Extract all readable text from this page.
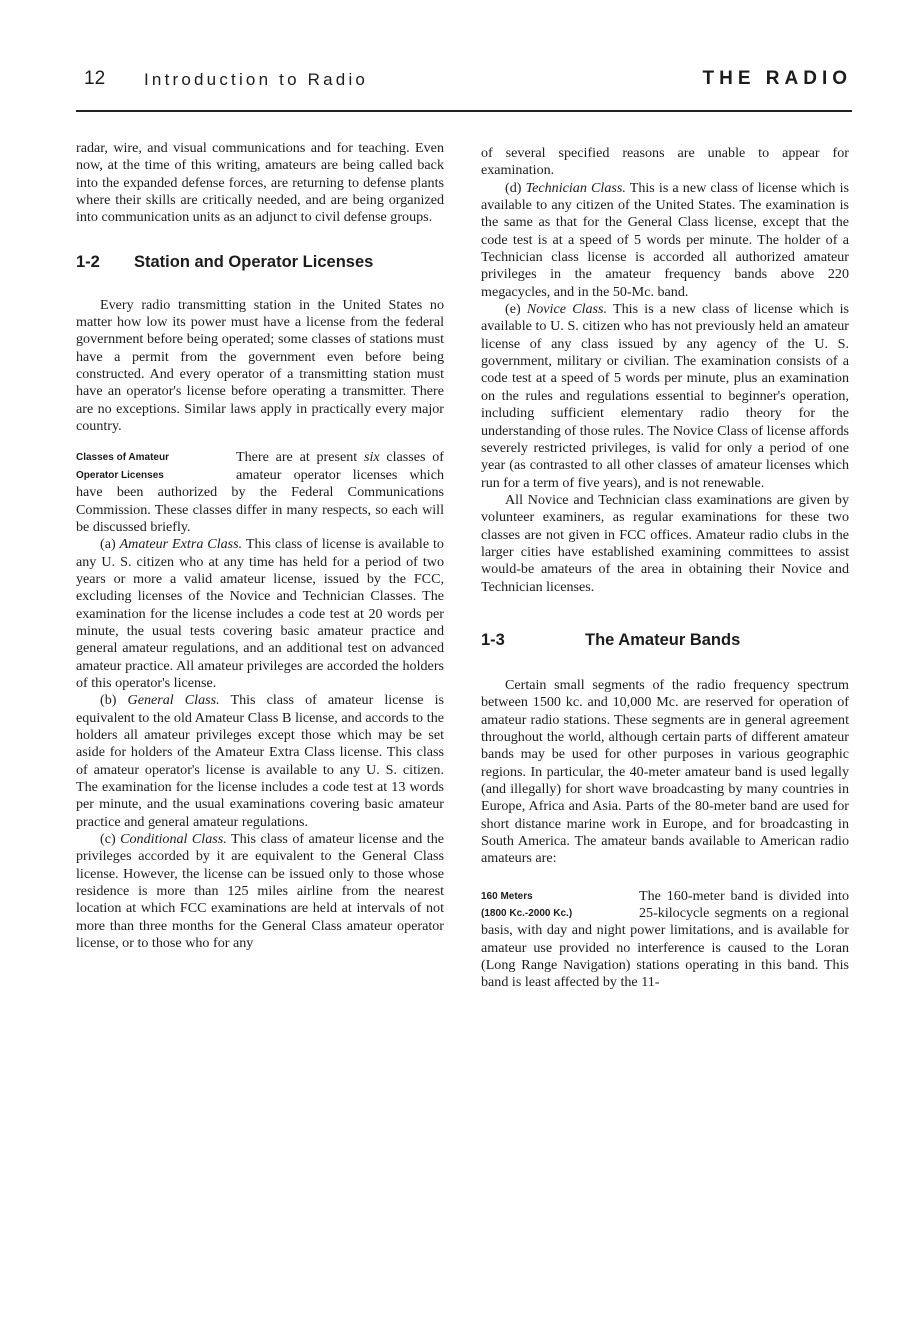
12 Introduction to Radio	THE RADIO

radar, wire, and visual communications and for teaching. Even now, at the time of this writing, amateurs are being called back into the expanded defense forces, are returning to defense plants where their skills are critically needed, and are being organized into communication units as an adjunct to civil defense groups.

1-2 Station and Operator Licenses

Every radio transmitting station in the United States no matter how low its power must have a license from the federal government before being operated; some classes of stations must have a permit from the government even before being constructed. And every operator of a transmitting station must have an operator's license before operating a transmitter. There are no exceptions. Similar laws apply in practically every major country.

Classes of Amateur
Operator Licenses
There are at present six classes of amateur operator licenses which have been authorized by the Federal Communications Commission. These classes differ in many respects, so each will be discussed briefly.

(a) Amateur Extra Class. This class of license is available to any U. S. citizen who at any time has held for a period of two years or more a valid amateur license, issued by the FCC, excluding licenses of the Novice and Technician Classes. The examination for the license includes a code test at 20 words per minute, the usual tests covering basic amateur practice and general amateur regulations, and an additional test on advanced amateur practice. All amateur privileges are accorded the holders of this operator's license.

(b) General Class. This class of amateur license is equivalent to the old Amateur Class B license, and accords to the holders all amateur privileges except those which may be set aside for holders of the Amateur Extra Class license. This class of amateur operator's license is available to any U. S. citizen. The examination for the license includes a code test at 13 words per minute, and the usual examinations covering basic amateur practice and general amateur regulations.

(c) Conditional Class. This class of amateur license and the privileges accorded by it are equivalent to the General Class license. However, the license can be issued only to those whose residence is more than 125 miles airline from the nearest location at which FCC examinations are held at intervals of not more than three months for the General Class amateur operator license, or to those who for any

of several specified reasons are unable to appear for examination.

(d) Technician Class. This is a new class of license which is available to any citizen of the United States. The examination is the same as that for the General Class license, except that the code test is at a speed of 5 words per minute. The holder of a Technician class license is accorded all authorized amateur privileges in the amateur frequency bands above 220 megacycles, and in the 50-Mc. band.

(e) Novice Class. This is a new class of license which is available to U. S. citizen who has not previously held an amateur license of any class issued by any agency of the U. S. government, military or civilian. The examination consists of a code test at a speed of 5 words per minute, plus an examination on the rules and regulations essential to beginner's operation, including sufficient elementary radio theory for the understanding of those rules. The Novice Class of license affords severely restricted privileges, is valid for only a period of one year (as contrasted to all other classes of amateur licenses which run for a term of five years), and is not renewable.

All Novice and Technician class examinations are given by volunteer examiners, as regular examinations for these two classes are not given in FCC offices. Amateur radio clubs in the larger cities have established examining committees to assist would-be amateurs of the area in obtaining their Novice and Technician licenses.

1-3	The Amateur Bands

Certain small segments of the radio frequency spectrum between 1500 kc. and 10,000 Mc. are reserved for operation of amateur radio stations. These segments are in general agreement throughout the world, although certain parts of different amateur bands may be used for other purposes in various geographic regions. In particular, the 40-meter amateur band is used legally (and illegally) for short wave broadcasting by many countries in Europe, Africa and Asia. Parts of the 80-meter band are used for short distance marine work in Europe, and for broadcasting in South America. The amateur bands available to American radio amateurs are:

160 Meters
(1800 Kc.-2000 Kc.)
The 160-meter band is divided into 25-kilocycle segments on a regional basis, with day and night power limitations, and is available for amateur use provided no interference is caused to the Loran (Long Range Navigation) stations operating in this band. This band is least affected by the 11-
